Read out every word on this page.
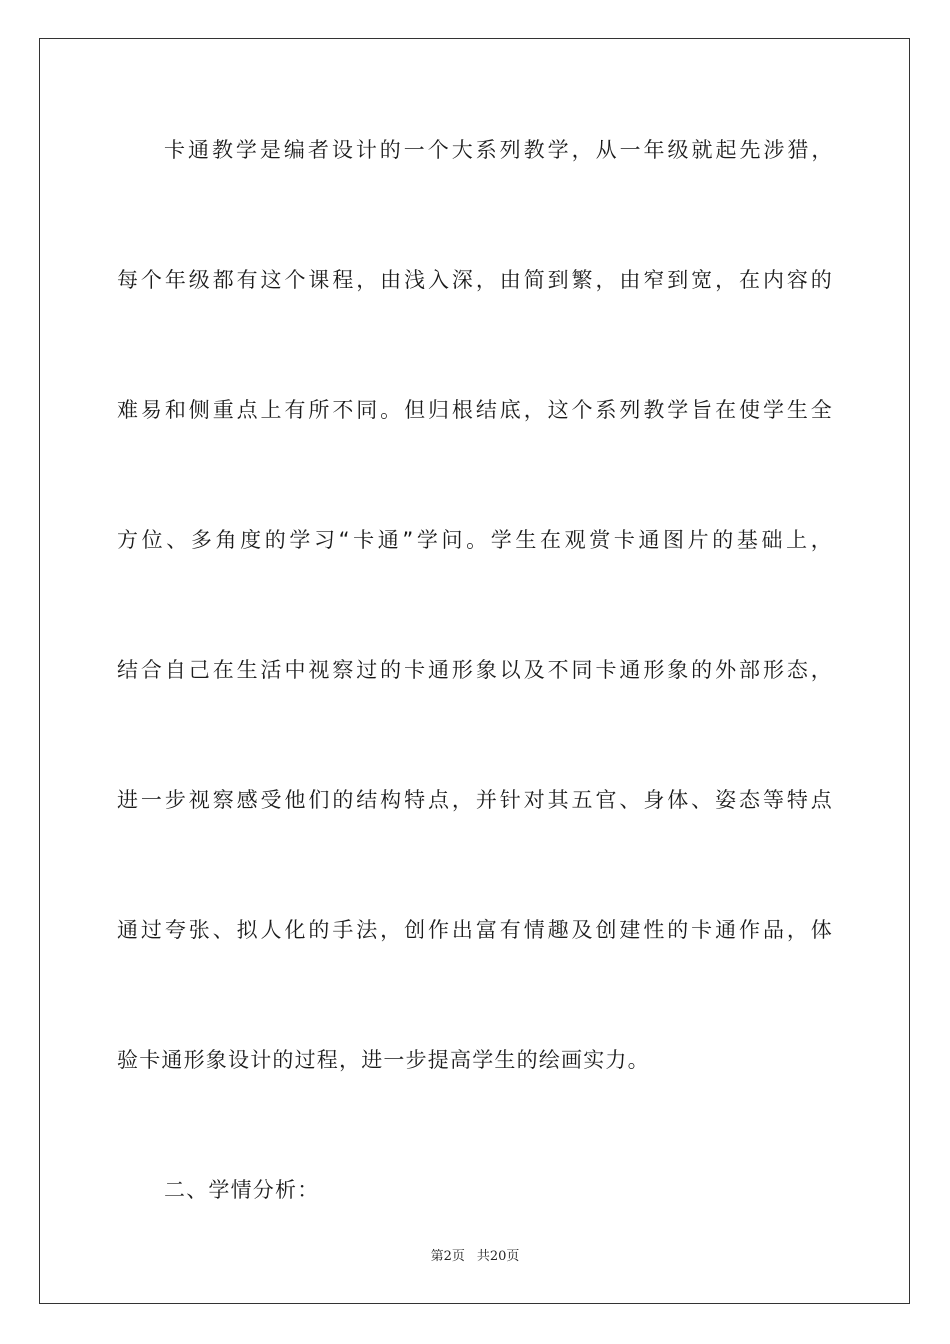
卡通教学是编者设计的一个大系列教学，从一年级就起先涉猎，
每个年级都有这个课程，由浅入深，由简到繁，由窄到宽，在内容的
难易和侧重点上有所不同。但归根结底，这个系列教学旨在使学生全
方位、多角度的学习“卡通”学问。学生在观赏卡通图片的基础上，
结合自己在生活中视察过的卡通形象以及不同卡通形象的外部形态，
进一步视察感受他们的结构特点，并针对其五官、身体、姿态等特点
通过夸张、拟人化的手法，创作出富有情趣及创建性的卡通作品，体
验卡通形象设计的过程，进一步提高学生的绘画实力。
二、学情分析：
第2页 共20页
